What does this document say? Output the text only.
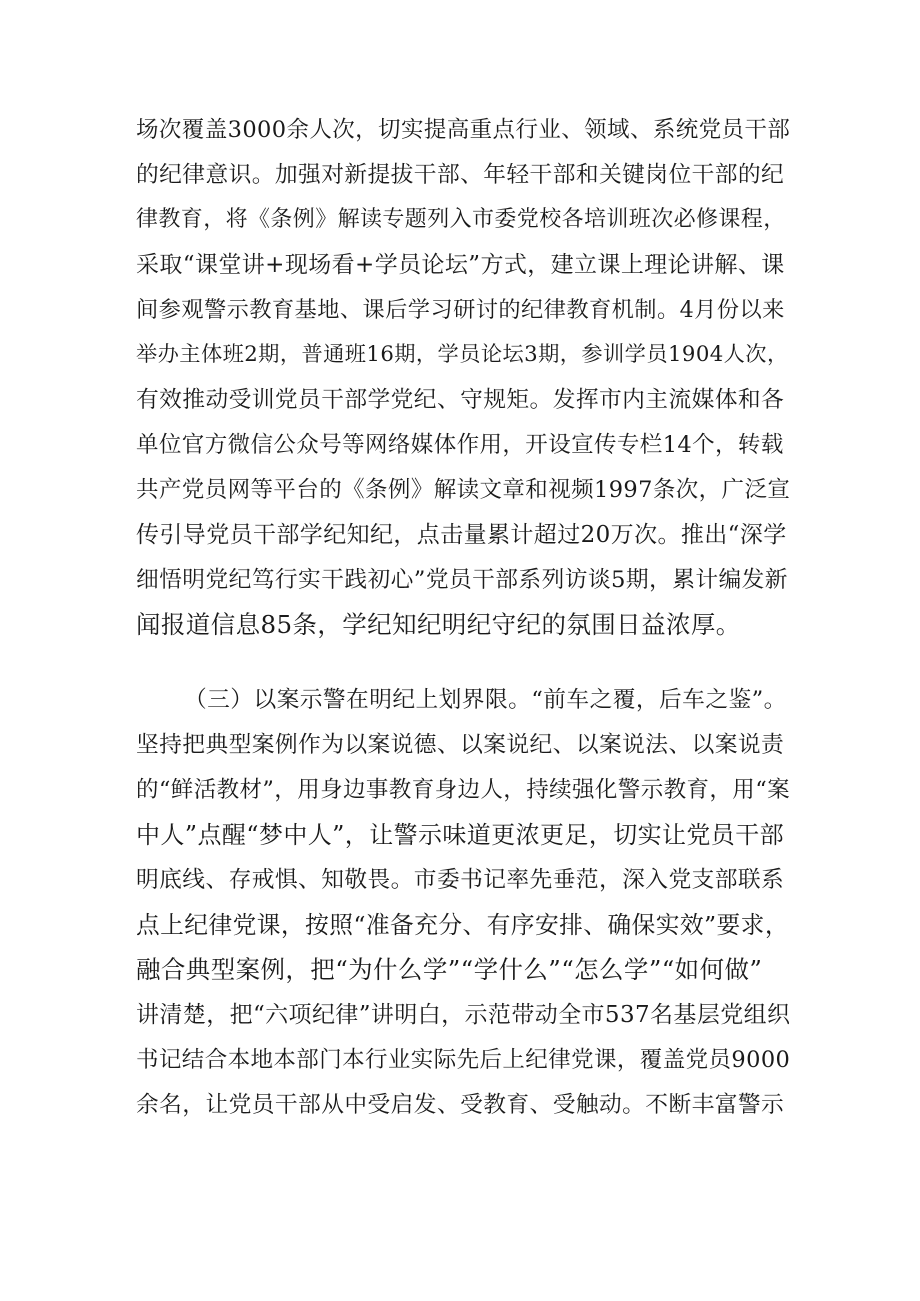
场次覆盖3000余人次，切实提高重点行业、领域、系统党员干部
的纪律意识。加强对新提拔干部、年轻干部和关键岗位干部的纪
律教育，将《条例》解读专题列入市委党校各培训班次必修课程，
采取“课堂讲+现场看+学员论坛”方式，建立课上理论讲解、课
间参观警示教育基地、课后学习研讨的纪律教育机制。4月份以来
举办主体班2期，普通班16期，学员论坛3期，参训学员1904人次，
有效推动受训党员干部学党纪、守规矩。发挥市内主流媒体和各
单位官方微信公众号等网络媒体作用，开设宣传专栏14个，转载
共产党员网等平台的《条例》解读文章和视频1997条次，广泛宣
传引导党员干部学纪知纪，点击量累计超过20万次。推出“深学
细悟明党纪笃行实干践初心”党员干部系列访谈5期，累计编发新
闻报道信息85条，学纪知纪明纪守纪的氛围日益浓厚。
（三）以案示警在明纪上划界限。“前车之覆，后车之鉴”。
坚持把典型案例作为以案说德、以案说纪、以案说法、以案说责
的“鲜活教材”，用身边事教育身边人，持续强化警示教育，用“案
中人”点醒“梦中人”，让警示味道更浓更足，切实让党员干部
明底线、存戒惧、知敬畏。市委书记率先垂范，深入党支部联系
点上纪律党课，按照“准备充分、有序安排、确保实效”要求，
融合典型案例，把“为什么学”“学什么”“怎么学”“如何做”
讲清楚，把“六项纪律”讲明白，示范带动全市537名基层党组织
书记结合本地本部门本行业实际先后上纪律党课，覆盖党员9000
余名，让党员干部从中受启发、受教育、受触动。不断丰富警示
